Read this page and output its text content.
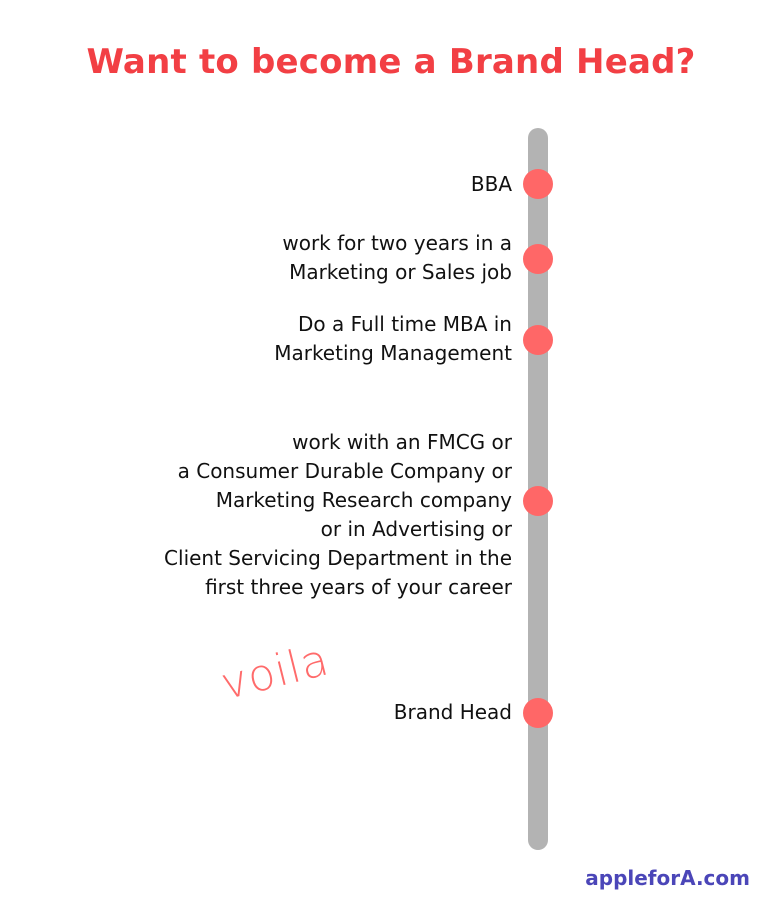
Want to become a Brand Head?
BBA
work for two years in a
Marketing or Sales job
Do a Full time MBA in
Marketing Management
work with an FMCG or
a Consumer Durable Company or
Marketing Research company
or in Advertising or
Client Servicing Department in the
first three years of your career
Brand Head
voila
appleforA.com
